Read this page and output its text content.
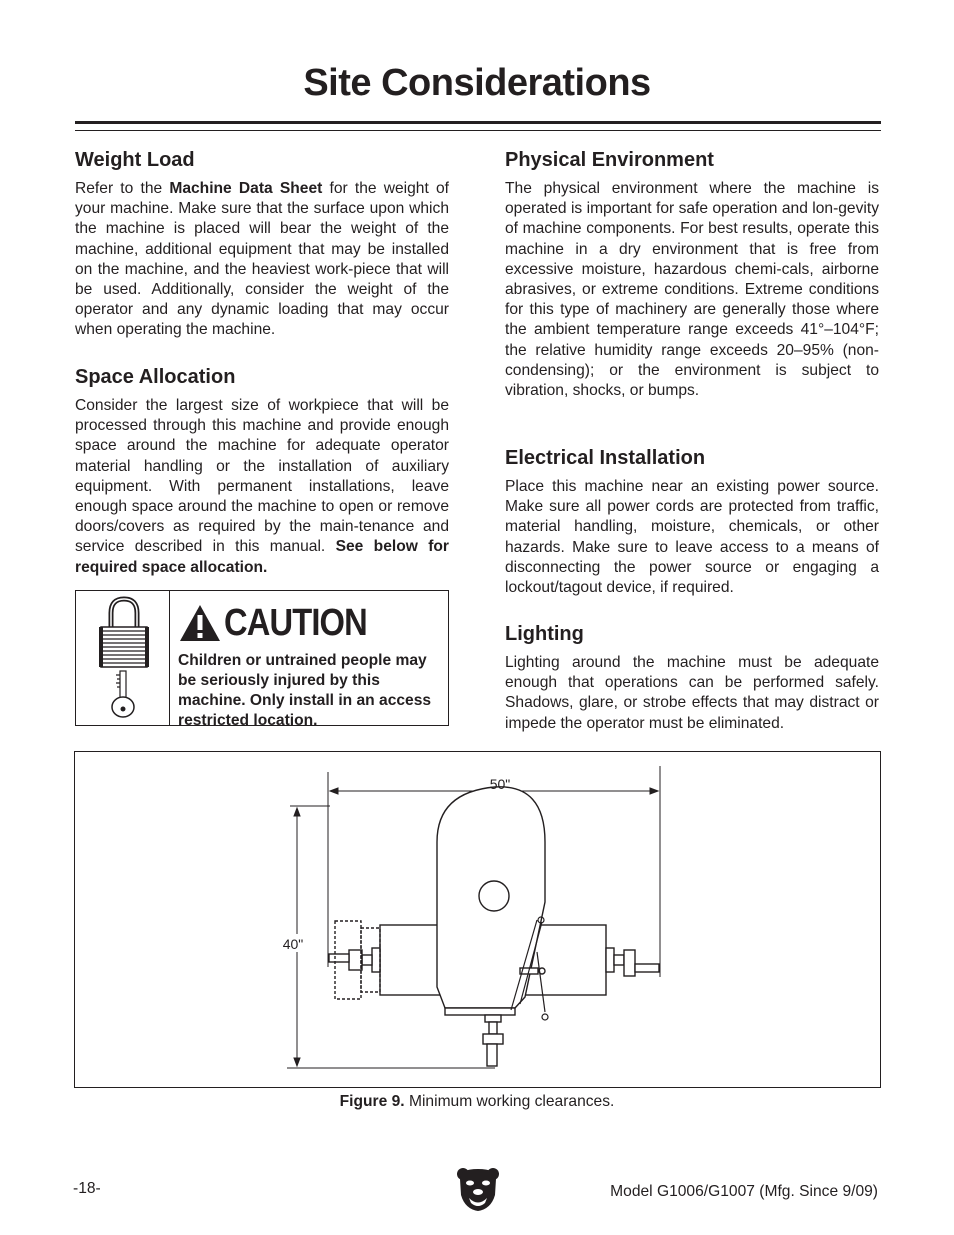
Site Considerations
Weight Load

Refer to the Machine Data Sheet for the weight of your machine. Make sure that the surface upon which the machine is placed will bear the weight of the machine, additional equipment that may be installed on the machine, and the heaviest work-piece that will be used. Additionally, consider the weight of the operator and any dynamic loading that may occur when operating the machine.

Space Allocation

Consider the largest size of workpiece that will be processed through this machine and provide enough space around the machine for adequate operator material handling or the installation of auxiliary equipment. With permanent installations, leave enough space around the machine to open or remove doors/covers as required by the main-tenance and service described in this manual. See below for required space allocation.

CAUTION
Children or untrained people may be seriously injured by this machine. Only install in an access restricted location.
Physical Environment

The physical environment where the machine is operated is important for safe operation and lon-gevity of machine components. For best results, operate this machine in a dry environment that is free from excessive moisture, hazardous chemi-cals, airborne abrasives, or extreme conditions. Extreme conditions for this type of machinery are generally those where the ambient temperature range exceeds 41°–104°F; the relative humidity range exceeds 20–95% (non-condensing); or the environment is subject to vibration, shocks, or bumps.

Electrical Installation

Place this machine near an existing power source. Make sure all power cords are protected from traffic, material handling, moisture, chemicals, or other hazards. Make sure to leave access to a means of disconnecting the power source or engaging a lockout/tagout device, if required.

Lighting

Lighting around the machine must be adequate enough that operations can be performed safely. Shadows, glare, or strobe effects that may distract or impede the operator must be eliminated.

50"
40"
Figure 9. Minimum working clearances.
-18-	Model G1006/G1007 (Mfg. Since 9/09)
